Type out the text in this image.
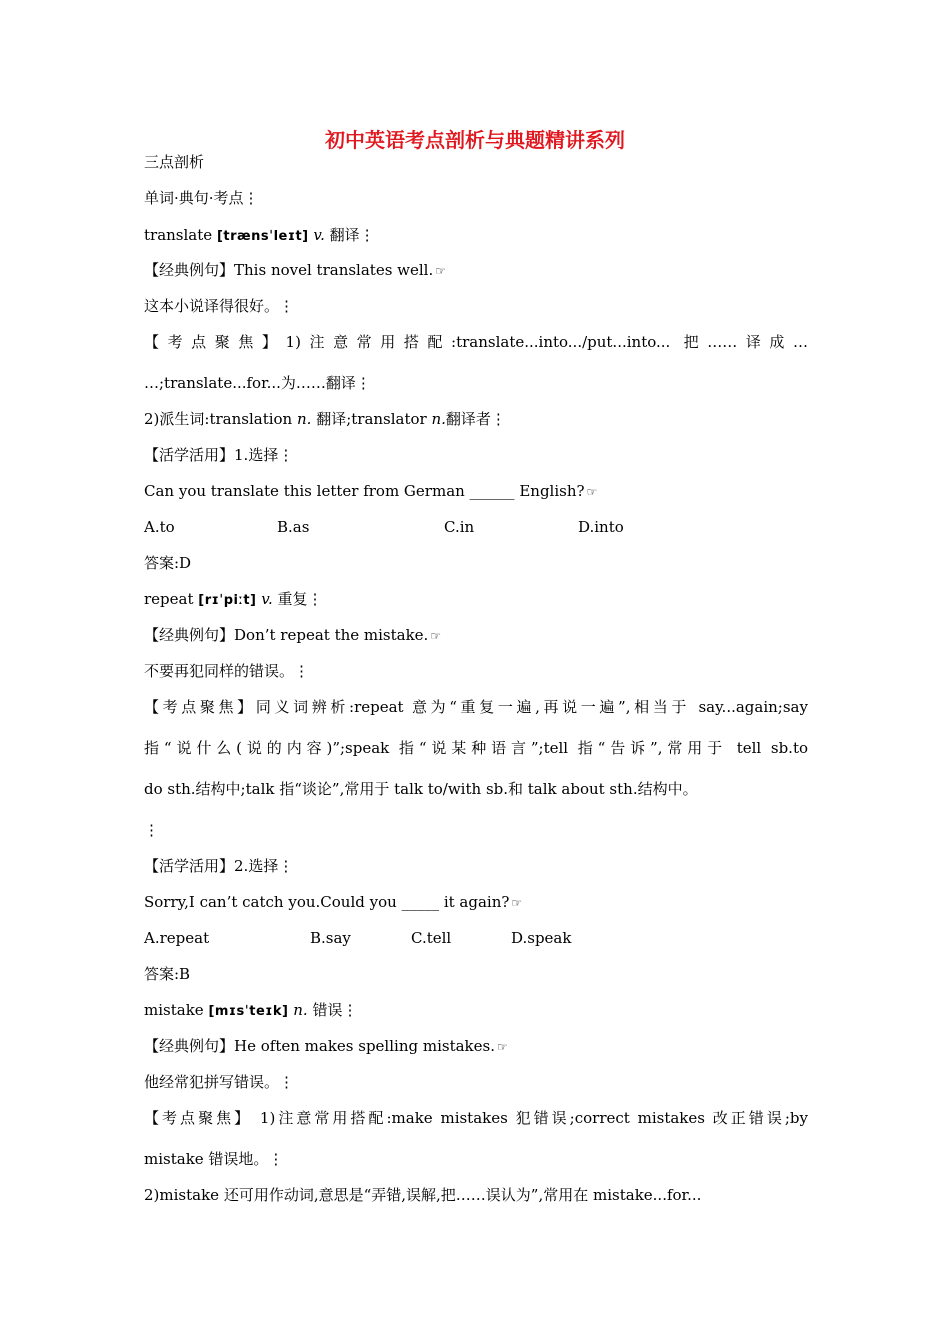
初中英语考点剖析与典题精讲系列
三点剖析
单词·典句·考点⋮
translate [trænsˈleɪt] v. 翻译⋮
【经典例句】This novel translates well. ☞
这本小说译得很好。⋮
【考点聚焦】1)注意常用搭配:translate...into.../put...into... 把……译成…
…;translate...for...为……翻译⋮
2)派生词:translation n. 翻译;translator n.翻译者⋮
【活学活用】1.选择⋮
Can you translate this letter from German ______ English? ☞
A.to	B.as	C.in	D.into
答案:D
repeat [rɪˈpiːt] v. 重复⋮
【经典例句】Don’t repeat the mistake. ☞
不要再犯同样的错误。⋮
【考点聚焦】同义词辨析:repeat 意为“重复一遍,再说一遍”,相当于 say...again;say
指“说什么(说的内容)”;speak 指“说某种语言”;tell 指“告诉”,常用于 tell sb.to
do sth.结构中;talk 指“谈论”,常用于 talk to/with sb.和 talk about sth.结构中。
⋮
【活学活用】2.选择⋮
Sorry,I can’t catch you.Could you _____ it again? ☞
A.repeat	B.say	C.tell	D.speak
答案:B
mistake [mɪsˈteɪk] n. 错误⋮
【经典例句】He often makes spelling mistakes. ☞
他经常犯拼写错误。⋮
【考点聚焦】 1)注意常用搭配:make mistakes 犯错误;correct mistakes 改正错误;by
mistake 错误地。⋮
2)mistake 还可用作动词,意思是“弄错,误解,把……误认为”,常用在 mistake...for...
